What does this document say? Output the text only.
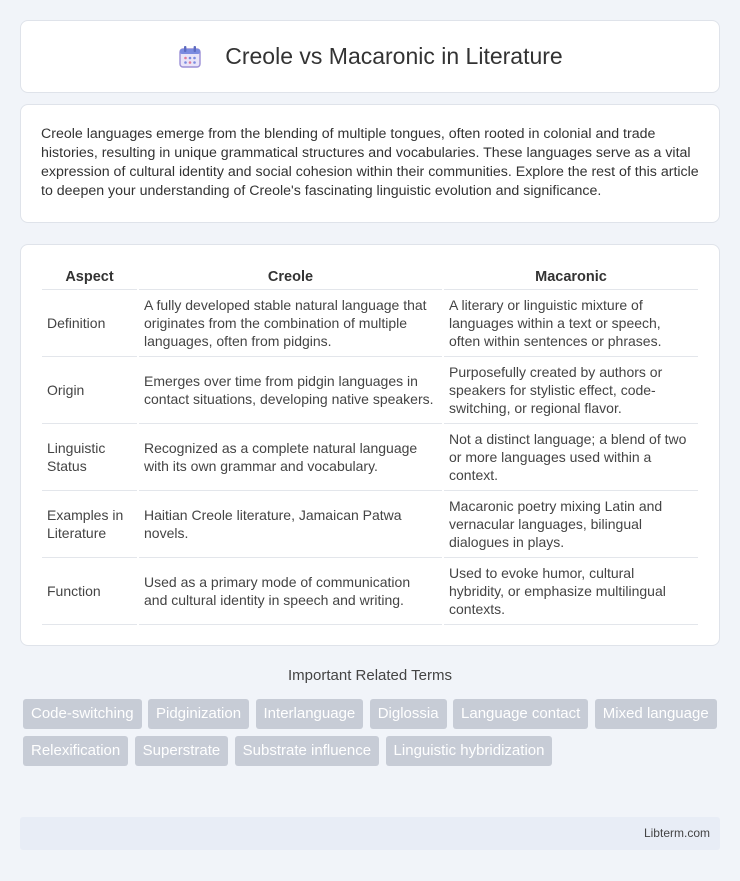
Creole vs Macaronic in Literature

Creole languages emerge from the blending of multiple tongues, often rooted in colonial and trade histories, resulting in unique grammatical structures and vocabularies. These languages serve as a vital expression of cultural identity and social cohesion within their communities. Explore the rest of this article to deepen your understanding of Creole's fascinating linguistic evolution and significance.

Aspect	Creole	Macaronic
Definition	A fully developed stable natural language that originates from the combination of multiple languages, often from pidgins.	A literary or linguistic mixture of languages within a text or speech, often within sentences or phrases.
Origin	Emerges over time from pidgin languages in contact situations, developing native speakers.	Purposefully created by authors or speakers for stylistic effect, code-switching, or regional flavor.
Linguistic Status	Recognized as a complete natural language with its own grammar and vocabulary.	Not a distinct language; a blend of two or more languages used within a context.
Examples in Literature	Haitian Creole literature, Jamaican Patwa novels.	Macaronic poetry mixing Latin and vernacular languages, bilingual dialogues in plays.
Function	Used as a primary mode of communication and cultural identity in speech and writing.	Used to evoke humor, cultural hybridity, or emphasize multilingual contexts.
Important Related Terms
Code-switching Pidginization Interlanguage Diglossia Language contact Mixed language Relexification Superstrate Substrate influence Linguistic hybridization
Libterm.com
